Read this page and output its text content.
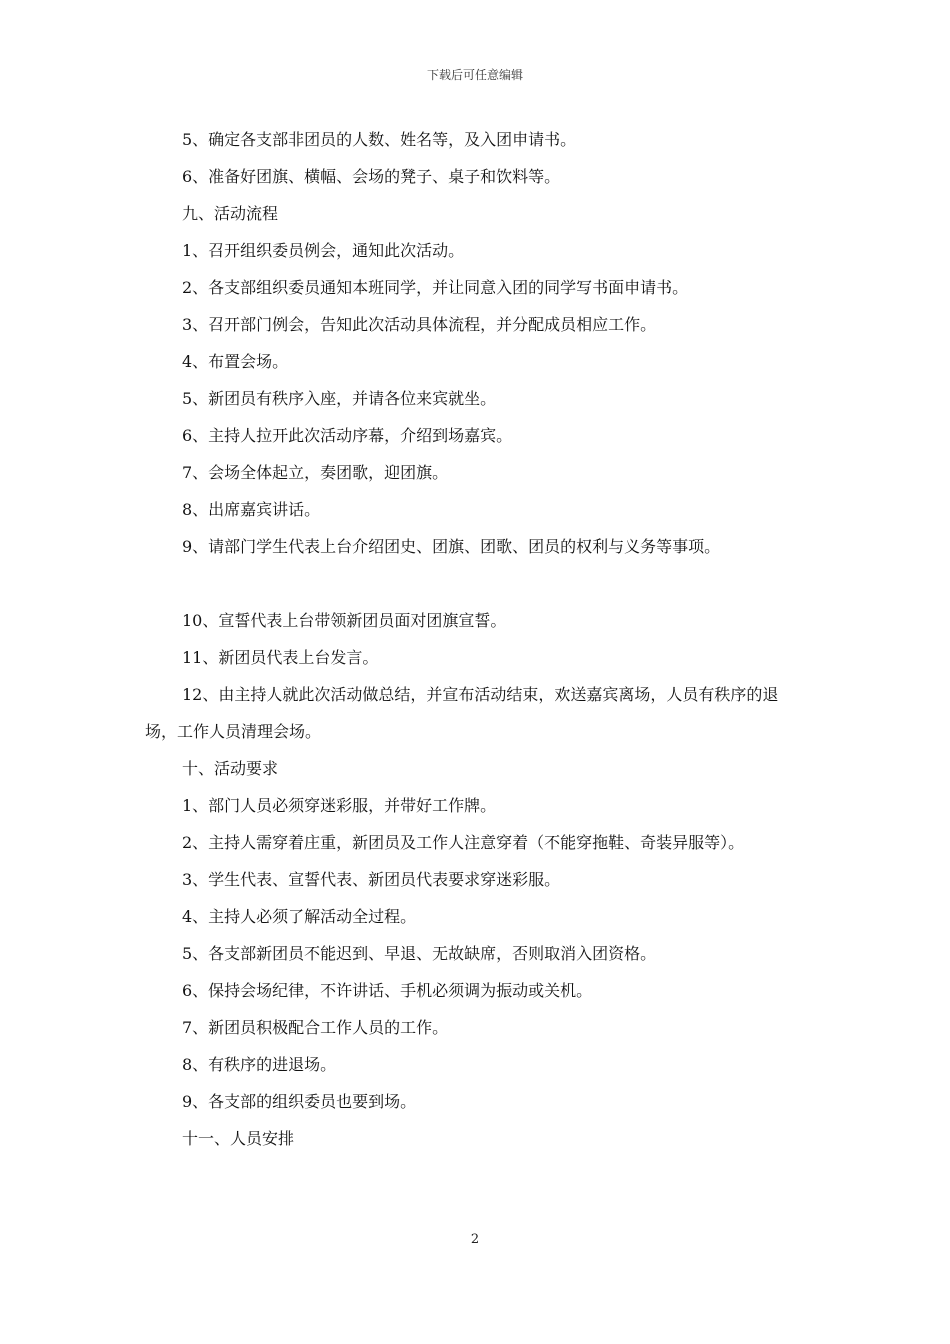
下载后可任意编辑
5、确定各支部非团员的人数、姓名等，及入团申请书。
6、准备好团旗、横幅、会场的凳子、桌子和饮料等。
九、活动流程
1、召开组织委员例会，通知此次活动。
2、各支部组织委员通知本班同学，并让同意入团的同学写书面申请书。
3、召开部门例会，告知此次活动具体流程，并分配成员相应工作。
4、布置会场。
5、新团员有秩序入座，并请各位来宾就坐。
6、主持人拉开此次活动序幕，介绍到场嘉宾。
7、会场全体起立，奏团歌，迎团旗。
8、出席嘉宾讲话。
9、请部门学生代表上台介绍团史、团旗、团歌、团员的权利与义务等事项。
10、宣誓代表上台带领新团员面对团旗宣誓。
11、新团员代表上台发言。
12、由主持人就此次活动做总结，并宣布活动结束，欢送嘉宾离场，人员有秩序的退场，工作人员清理会场。
十、活动要求
1、部门人员必须穿迷彩服，并带好工作牌。
2、主持人需穿着庄重，新团员及工作人注意穿着（不能穿拖鞋、奇装异服等）。
3、学生代表、宣誓代表、新团员代表要求穿迷彩服。
4、主持人必须了解活动全过程。
5、各支部新团员不能迟到、早退、无故缺席，否则取消入团资格。
6、保持会场纪律，不许讲话、手机必须调为振动或关机。
7、新团员积极配合工作人员的工作。
8、有秩序的进退场。
9、各支部的组织委员也要到场。
十一、人员安排
2
